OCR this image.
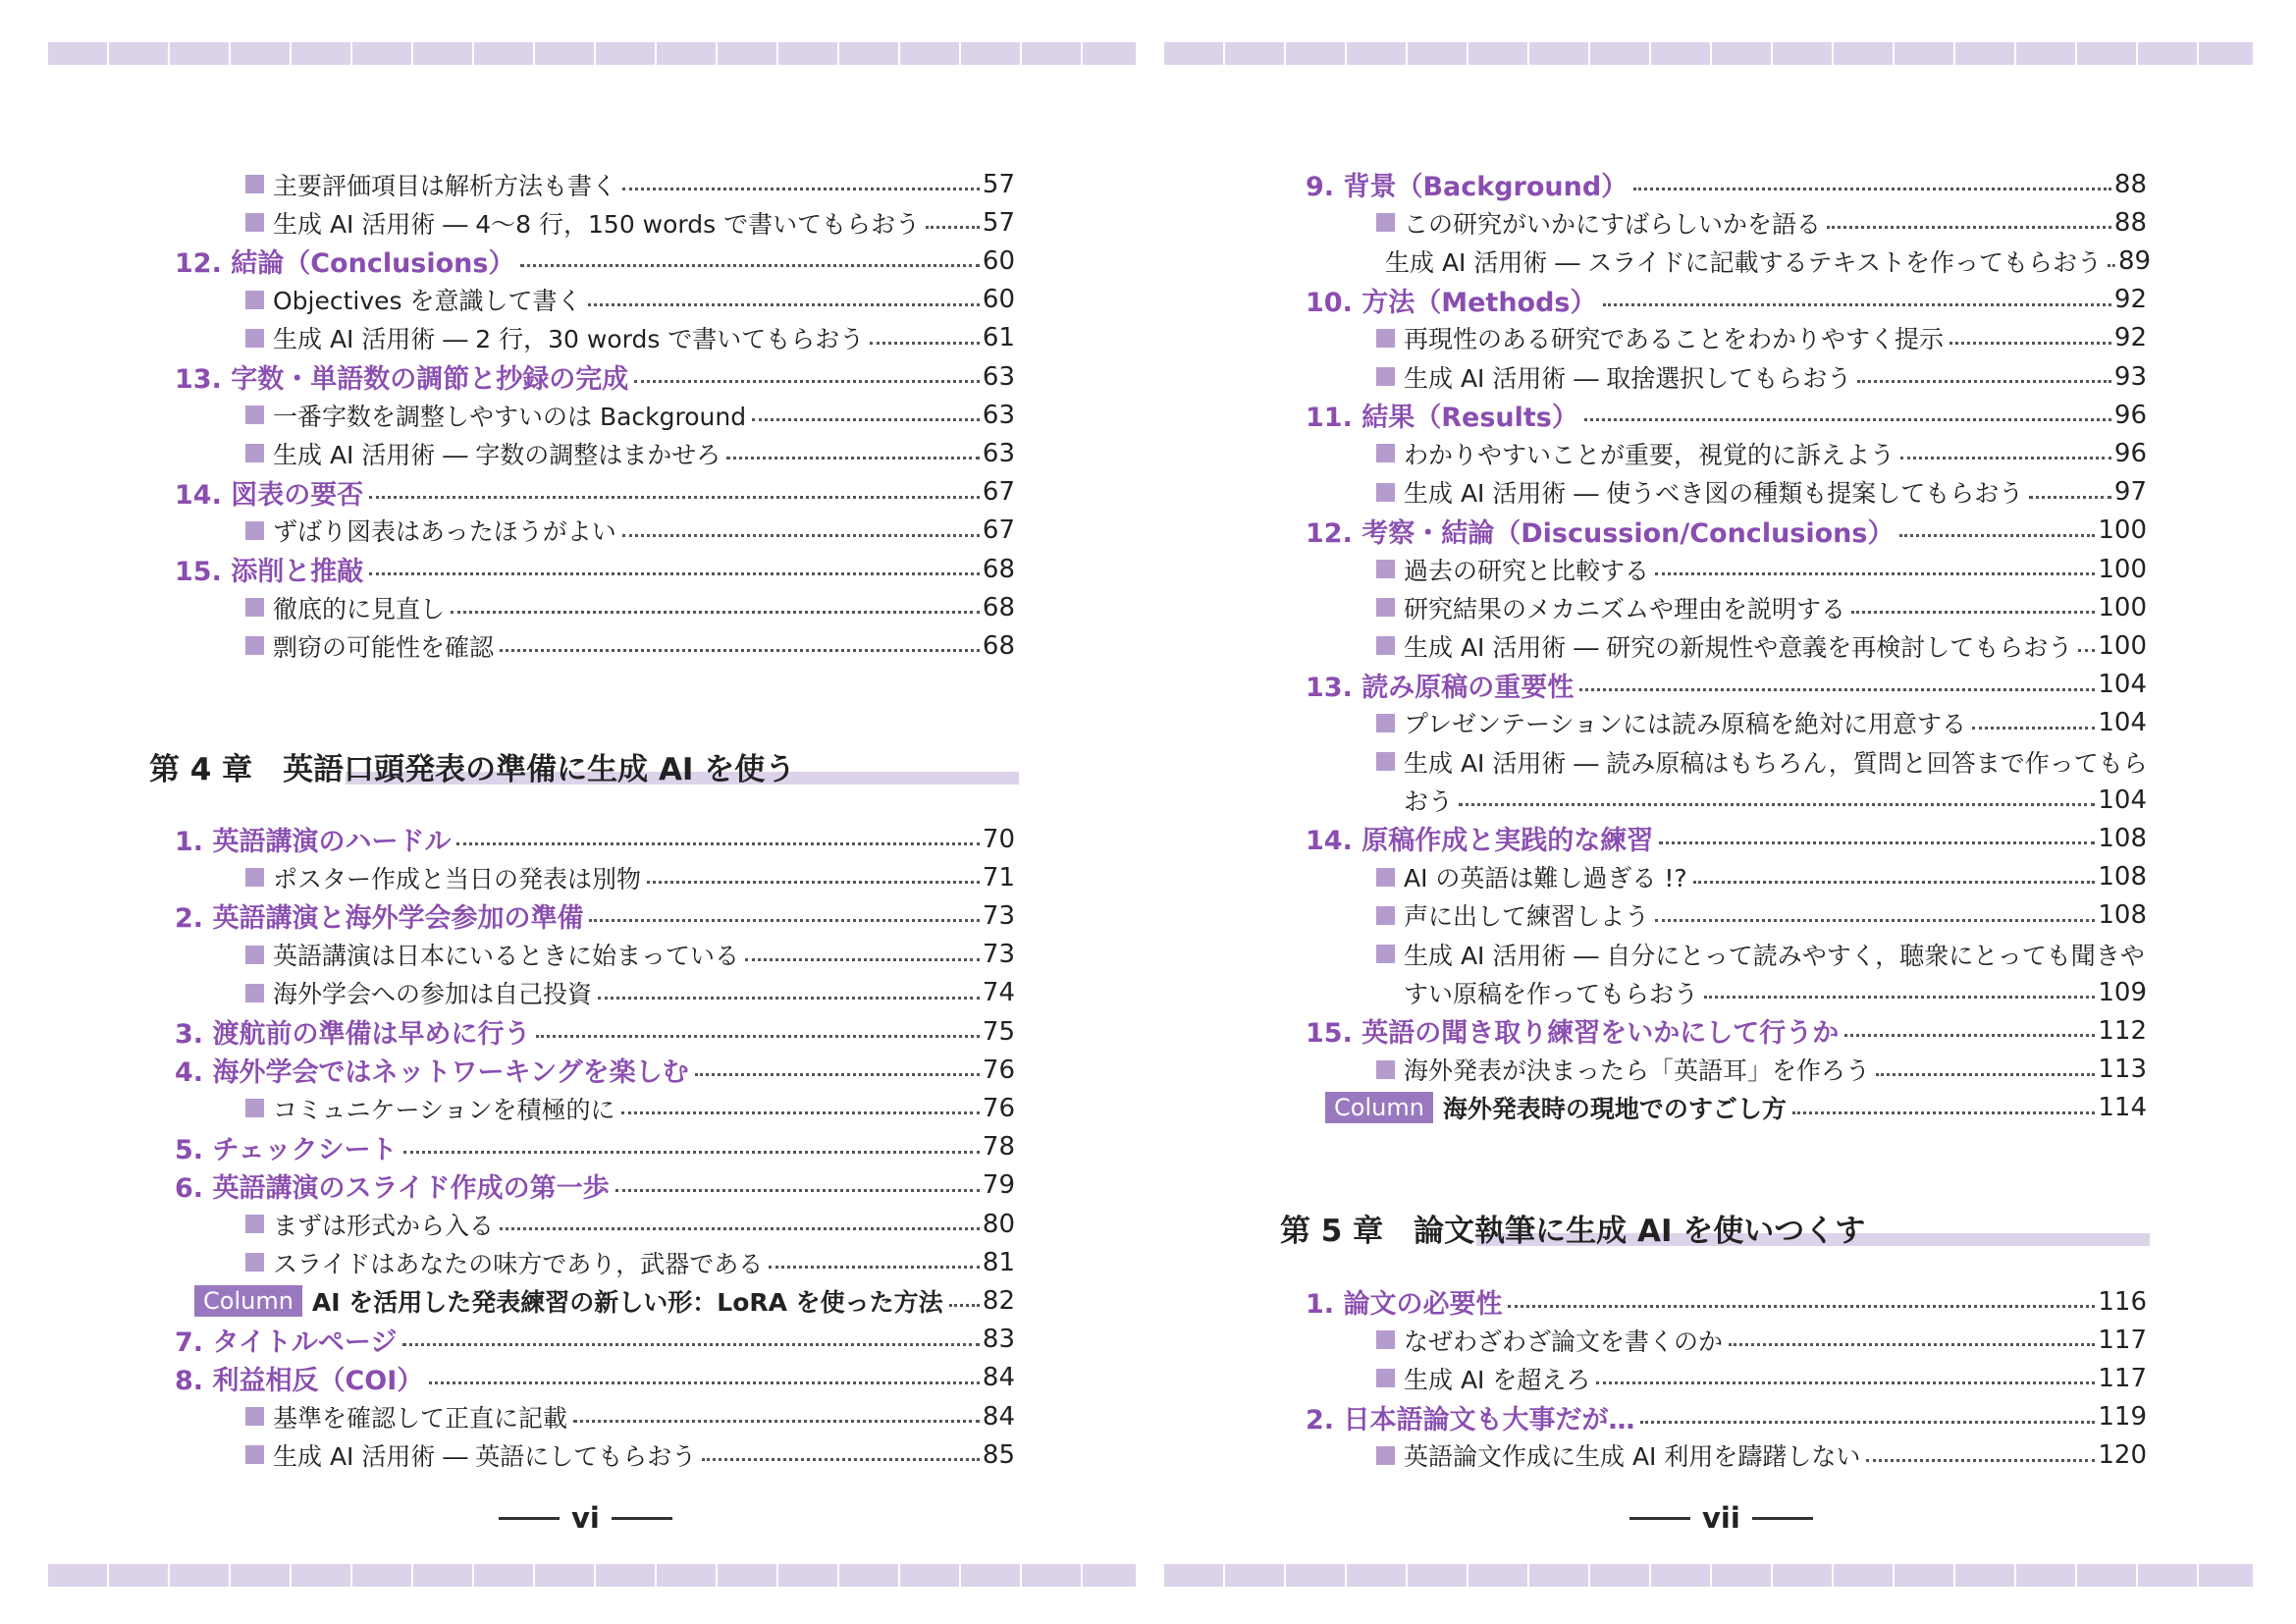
主要評価項目は解析方法も書く	57
生成 AI 活用術 ― 4〜8 行，150 words で書いてもらおう 57
12. 結論（Conclusions）	60
Objectives を意識して書く	60
生成 AI 活用術 ― 2 行，30 words で書いてもらおう	61
13. 字数・単語数の調節と抄録の完成	63
一番字数を調整しやすいのは Background	63
生成 AI 活用術 ― 字数の調整はまかせろ	63
14. 図表の要否	67
ずばり図表はあったほうがよい	67
15. 添削と推敲	68
徹底的に見直し	68
剽窃の可能性を確認	68
第 4 章　英語口頭発表の準備に生成 AI を使う
1. 英語講演のハードル	70
ポスター作成と当日の発表は別物	71
2. 英語講演と海外学会参加の準備	73
英語講演は日本にいるときに始まっている	73
海外学会への参加は自己投資	74
3. 渡航前の準備は早めに行う	75
4. 海外学会ではネットワーキングを楽しむ	76
コミュニケーションを積極的に	76
5. チェックシート	78
6. 英語講演のスライド作成の第一歩	79
まずは形式から入る	80
スライドはあなたの味方であり，武器である	81
Column AI を活用した発表練習の新しい形：LoRA を使った方法 82
7. タイトルページ	83
8. 利益相反（COI）	84
基準を確認して正直に記載	84
生成 AI 活用術 ― 英語にしてもらおう	85
vi
9. 背景（Background）	88
この研究がいかにすばらしいかを語る	88
生成 AI 活用術 ― スライドに記載するテキストを作ってもらおう 89
10. 方法（Methods）	92
再現性のある研究であることをわかりやすく提示	92
生成 AI 活用術 ― 取捨選択してもらおう	93
11. 結果（Results）	96
わかりやすいことが重要，視覚的に訴えよう	96
生成 AI 活用術 ― 使うべき図の種類も提案してもらおう	97
12. 考察・結論（Discussion/Conclusions）	100
過去の研究と比較する	100
研究結果のメカニズムや理由を説明する	100
生成 AI 活用術 ― 研究の新規性や意義を再検討してもらおう 100
13. 読み原稿の重要性	104
プレゼンテーションには読み原稿を絶対に用意する	104
生成 AI 活用術 ― 読み原稿はもちろん，質問と回答まで作ってもら
おう	104
14. 原稿作成と実践的な練習	108
AI の英語は難し過ぎる !?	108
声に出して練習しよう	108
生成 AI 活用術 ― 自分にとって読みやすく，聴衆にとっても聞きや
すい原稿を作ってもらおう	109
15. 英語の聞き取り練習をいかにして行うか	112
海外発表が決まったら「英語耳」を作ろう	113
Column 海外発表時の現地でのすごし方	114
第 5 章　論文執筆に生成 AI を使いつくす
1. 論文の必要性	116
なぜわざわざ論文を書くのか	117
生成 AI を超えろ	117
2. 日本語論文も大事だが…	119
英語論文作成に生成 AI 利用を躊躇しない	120
vii
